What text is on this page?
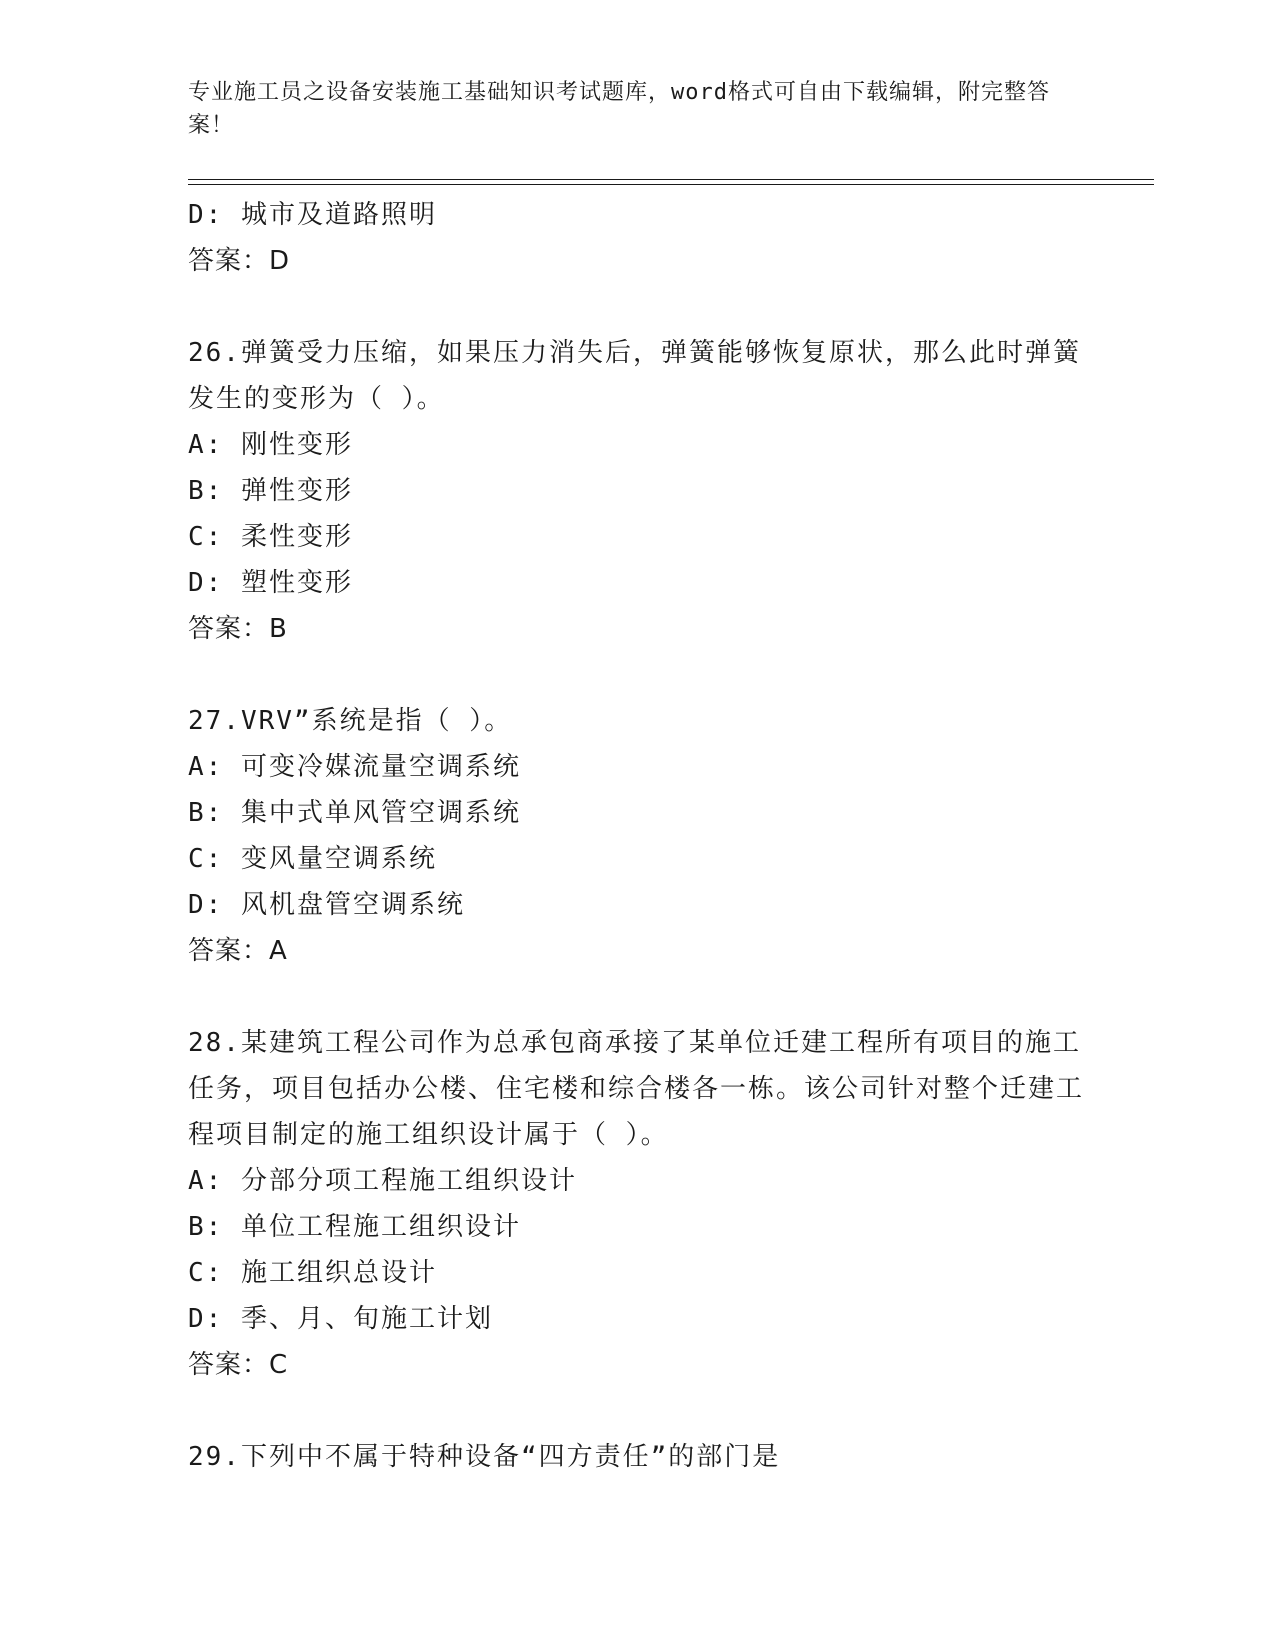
专业施工员之设备安装施工基础知识考试题库，word格式可自由下载编辑，附完整答案！

D: 城市及道路照明
答案：D
26.弹簧受力压缩，如果压力消失后，弹簧能够恢复原状，那么此时弹簧发生的变形为（ ）。
A: 刚性变形
B: 弹性变形
C: 柔性变形
D: 塑性变形
答案：B
27.VRV”系统是指（ ）。
A: 可变冷媒流量空调系统
B: 集中式单风管空调系统
C: 变风量空调系统
D: 风机盘管空调系统
答案：A
28.某建筑工程公司作为总承包商承接了某单位迁建工程所有项目的施工任务，项目包括办公楼、住宅楼和综合楼各一栋。该公司针对整个迁建工程项目制定的施工组织设计属于（ ）。
A: 分部分项工程施工组织设计
B: 单位工程施工组织设计
C: 施工组织总设计
D: 季、月、旬施工计划
答案：C
29.下列中不属于特种设备“四方责任”的部门是
